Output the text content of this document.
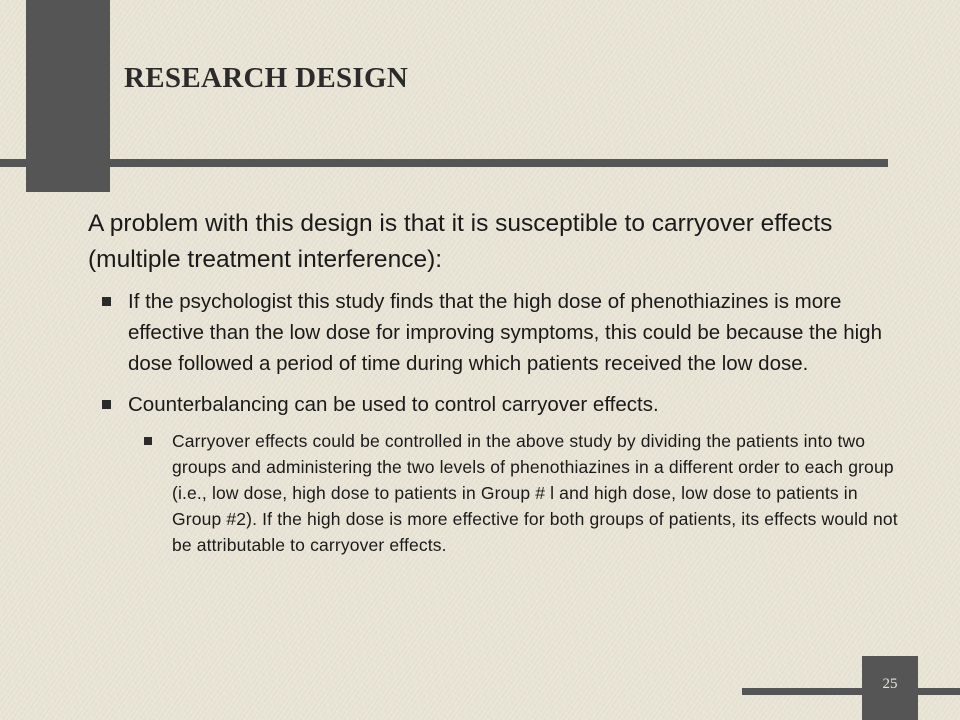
RESEARCH DESIGN

A problem with this design is that it is susceptible to carryover effects (multiple treatment interference):

If the psychologist this study finds that the high dose of phenothiazines is more effective than the low dose for improving symptoms, this could be because the high dose followed a period of time during which patients received the low dose.
Counterbalancing can be used to control carryover effects.
Carryover effects could be controlled in the above study by dividing the patients into two groups and administering the two levels of phenothiazines in a different order to each group (i.e., low dose, high dose to patients in Group # l and high dose, low dose to patients in Group #2). If the high dose is more effective for both groups of patients, its effects would not be attributable to carryover effects.
25
